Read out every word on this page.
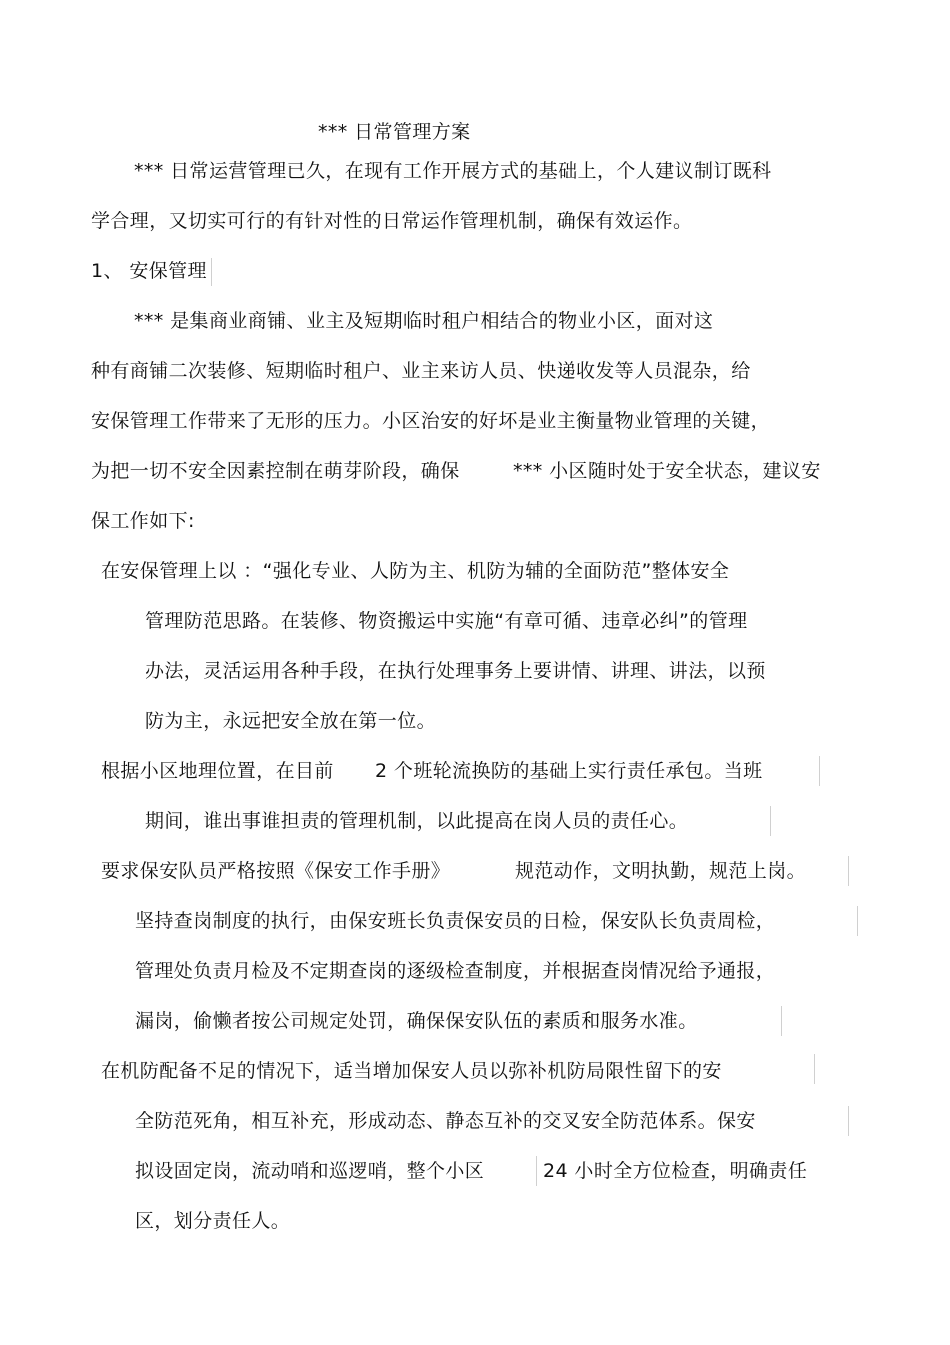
*** 日常管理方案
*** 日常运营管理已久，在现有工作开展方式的基础上，个人建议制订既科
学合理，又切实可行的有针对性的日常运作管理机制，确保有效运作。
1、 安保管理
*** 是集商业商铺、业主及短期临时租户相结合的物业小区，面对这
种有商铺二次装修、短期临时租户、业主来访人员、快递收发等人员混杂，给
安保管理工作带来了无形的压力。小区治安的好坏是业主衡量物业管理的关键，
为把一切不安全因素控制在萌芽阶段，确保	*** 小区随时处于安全状态，建议安
保工作如下:
在安保管理上以 ：“强化专业、人防为主、机防为辅的全面防范”整体安全
管理防范思路。在装修、物资搬运中实施“有章可循、违章必纠”的管理
办法，灵活运用各种手段，在执行处理事务上要讲情、讲理、讲法，以预
防为主，永远把安全放在第一位。
根据小区地理位置，在目前 2 个班轮流换防的基础上实行责任承包。当班
期间，谁出事谁担责的管理机制，以此提高在岗人员的责任心。
要求保安队员严格按照《保安工作手册》	规范动作，文明执勤，规范上岗。
坚持查岗制度的执行，由保安班长负责保安员的日检，保安队长负责周检，
管理处负责月检及不定期查岗的逐级检查制度，并根据查岗情况给予通报，
漏岗，偷懒者按公司规定处罚，确保保安队伍的素质和服务水准。
在机防配备不足的情况下，适当增加保安人员以弥补机防局限性留下的安
全防范死角，相互补充，形成动态、静态互补的交叉安全防范体系。保安
拟设固定岗，流动哨和巡逻哨，整个小区	24 小时全方位检查，明确责任
区，划分责任人。
